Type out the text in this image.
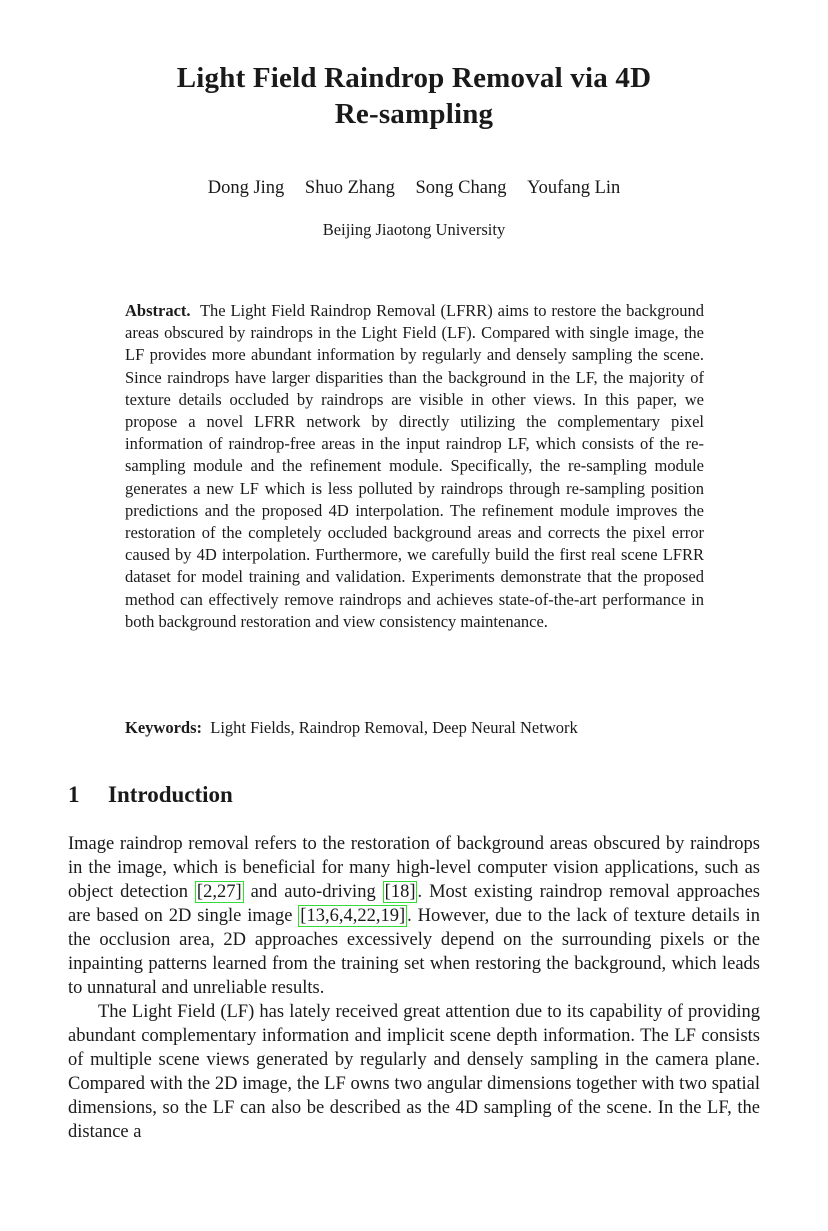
Light Field Raindrop Removal via 4D
Re-sampling
Dong Jing Shuo Zhang Song Chang Youfang Lin
Beijing Jiaotong University
Abstract. The Light Field Raindrop Removal (LFRR) aims to restore the background areas obscured by raindrops in the Light Field (LF). Compared with single image, the LF provides more abundant information by regularly and densely sampling the scene. Since raindrops have larger disparities than the background in the LF, the majority of texture details occluded by raindrops are visible in other views. In this paper, we propose a novel LFRR network by directly utilizing the complementary pixel information of raindrop-free areas in the input raindrop LF, which consists of the re-sampling module and the refinement module. Specifically, the re-sampling module generates a new LF which is less polluted by raindrops through re-sampling position predictions and the proposed 4D interpolation. The refinement module improves the restoration of the completely occluded background areas and corrects the pixel error caused by 4D interpolation. Furthermore, we carefully build the first real scene LFRR dataset for model training and validation. Experiments demonstrate that the proposed method can effectively remove raindrops and achieves state-of-the-art performance in both background restoration and view consistency maintenance.
Keywords: Light Fields, Raindrop Removal, Deep Neural Network
1 Introduction

Image raindrop removal refers to the restoration of background areas obscured by raindrops in the image, which is beneficial for many high-level computer vision applications, such as object detection [2,27] and auto-driving [18] . Most existing raindrop removal approaches are based on 2D single image [13,6,4,22,19] . However, due to the lack of texture details in the occlusion area, 2D approaches excessively depend on the surrounding pixels or the inpainting patterns learned from the training set when restoring the background, which leads to unnatural and unreliable results.

The Light Field (LF) has lately received great attention due to its capability of providing abundant complementary information and implicit scene depth information. The LF consists of multiple scene views generated by regularly and densely sampling in the camera plane. Compared with the 2D image, the LF owns two angular dimensions together with two spatial dimensions, so the LF can also be described as the 4D sampling of the scene. In the LF, the distance a
